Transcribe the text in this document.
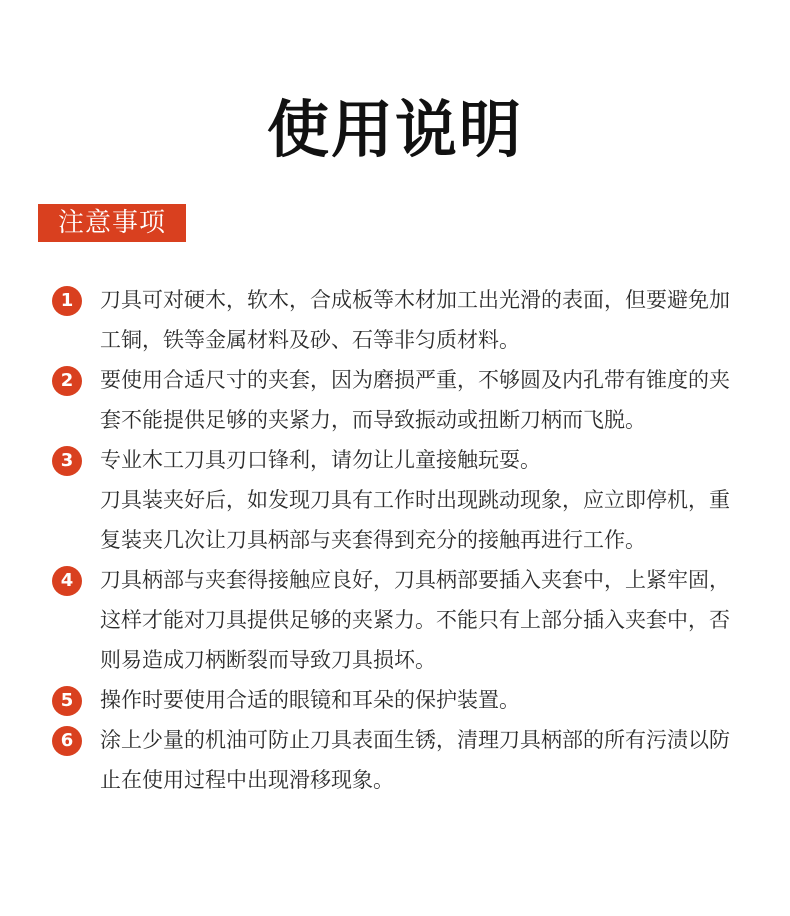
使用说明
注意事项
1	刀具可对硬木，软木，合成板等木材加工出光滑的表面，但要避免加工铜，铁等金属材料及砂、石等非匀质材料。

2	要使用合适尺寸的夹套，因为磨损严重，不够圆及内孔带有锥度的夹套不能提供足够的夹紧力，而导致振动或扭断刀柄而飞脱。

3	专业木工刀具刃口锋利，请勿让儿童接触玩耍。

刀具装夹好后，如发现刀具有工作时出现跳动现象，应立即停机，重复装夹几次让刀具柄部与夹套得到充分的接触再进行工作。

4	刀具柄部与夹套得接触应良好，刀具柄部要插入夹套中，上紧牢固，这样才能对刀具提供足够的夹紧力。不能只有上部分插入夹套中，否则易造成刀柄断裂而导致刀具损坏。

5	操作时要使用合适的眼镜和耳朵的保护装置。

6	涂上少量的机油可防止刀具表面生锈，清理刀具柄部的所有污渍以防止在使用过程中出现滑移现象。
